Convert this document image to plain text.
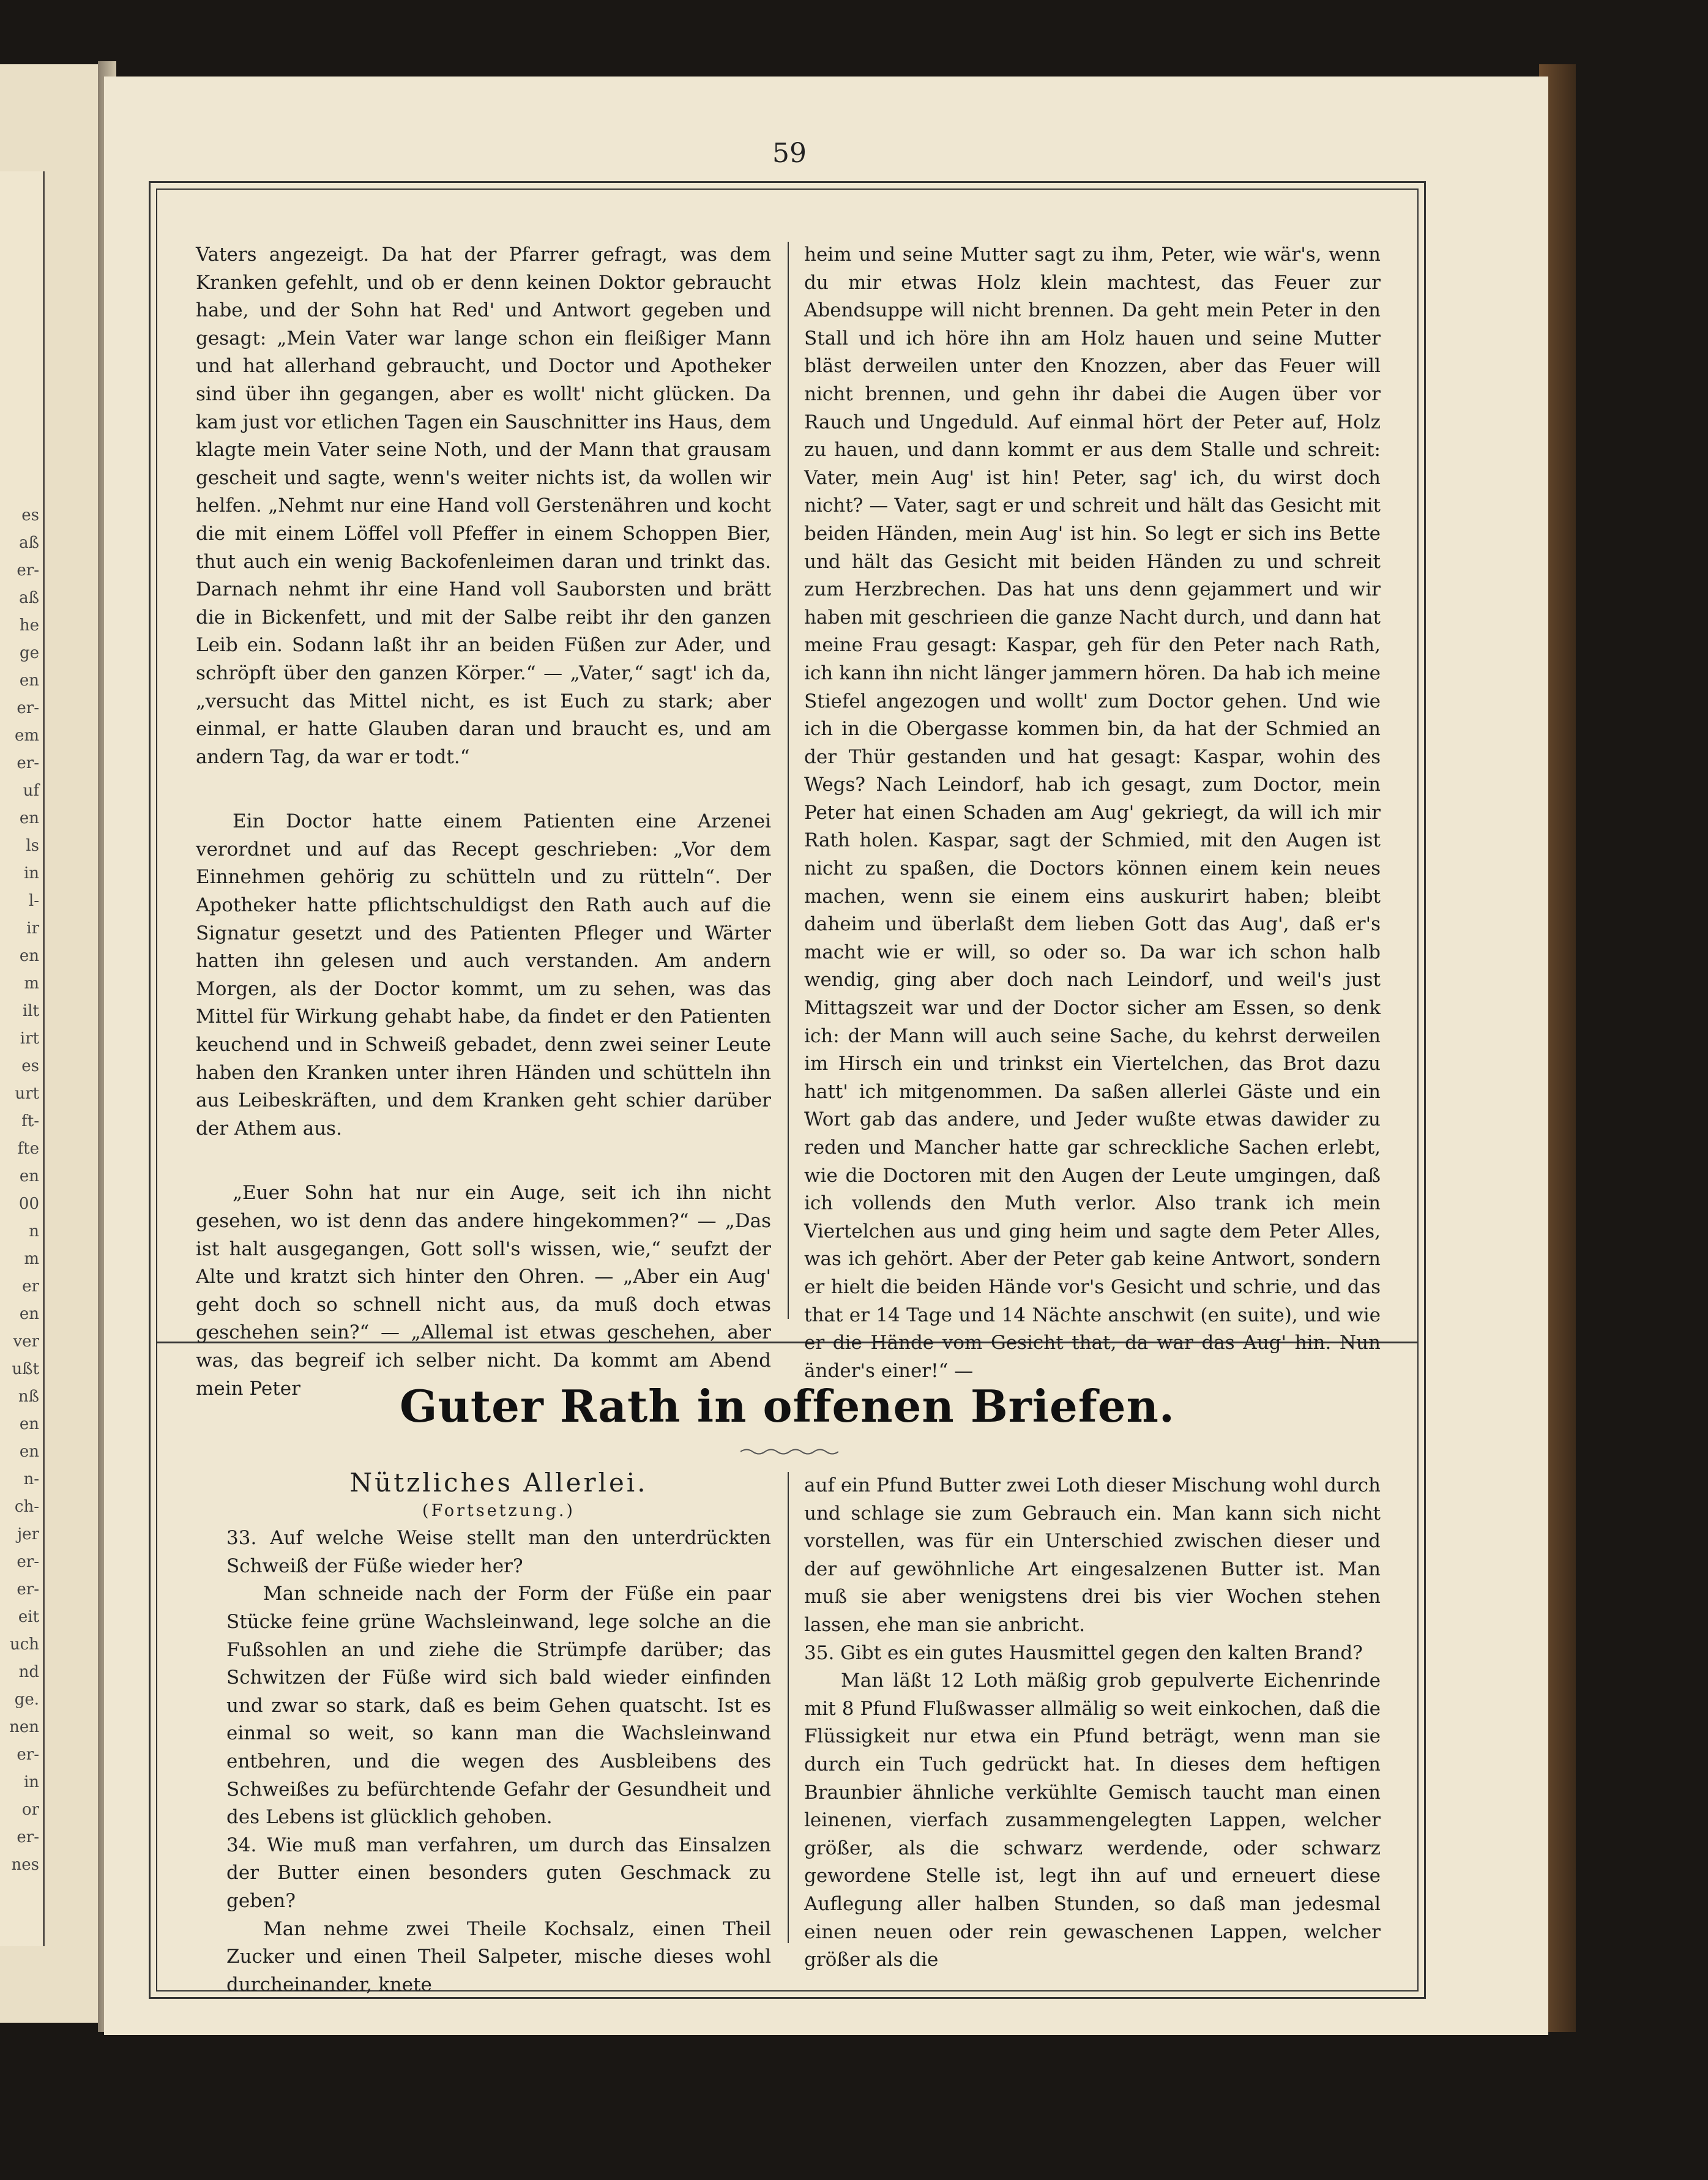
es
aß
er-
aß
he
ge
en
er-
em
er-
uf
en
ls
in
l-
ir
en
m
ilt
irt
es
urt
ft-
fte
en
00
n
m
er
en
ver
ußt
nß
en
en
n-
ch-
jer
er-
er-
eit
uch
nd
ge.
nen
er-
in
or
er-
nes
59

Vaters angezeigt. Da hat der Pfarrer gefragt, was dem Kranken gefehlt, und ob er denn keinen Doktor gebraucht habe, und der Sohn hat Red' und Antwort gegeben und gesagt: „Mein Vater war lange schon ein fleißiger Mann und hat allerhand gebraucht, und Doctor und Apotheker sind über ihn gegangen, aber es wollt' nicht glücken. Da kam just vor etlichen Tagen ein Sauschnitter ins Haus, dem klagte mein Vater seine Noth, und der Mann that grausam gescheit und sagte, wenn's weiter nichts ist, da wollen wir helfen. „Nehmt nur eine Hand voll Gerstenähren und kocht die mit einem Löffel voll Pfeffer in einem Schoppen Bier, thut auch ein wenig Backofenleimen daran und trinkt das. Darnach nehmt ihr eine Hand voll Sauborsten und brätt die in Bickenfett, und mit der Salbe reibt ihr den ganzen Leib ein. Sodann laßt ihr an beiden Füßen zur Ader, und schröpft über den ganzen Körper.“ — „Vater,“ sagt' ich da, „versucht das Mittel nicht, es ist Euch zu stark; aber einmal, er hatte Glauben daran und braucht es, und am andern Tag, da war er todt.“

Ein Doctor hatte einem Patienten eine Arzenei verordnet und auf das Recept geschrieben: „Vor dem Einnehmen gehörig zu schütteln und zu rütteln“. Der Apotheker hatte pflichtschuldigst den Rath auch auf die Signatur gesetzt und des Patienten Pfleger und Wärter hatten ihn gelesen und auch verstanden. Am andern Morgen, als der Doctor kommt, um zu sehen, was das Mittel für Wirkung gehabt habe, da findet er den Patienten keuchend und in Schweiß gebadet, denn zwei seiner Leute haben den Kranken unter ihren Händen und schütteln ihn aus Leibeskräften, und dem Kranken geht schier darüber der Athem aus.

„Euer Sohn hat nur ein Auge, seit ich ihn nicht gesehen, wo ist denn das andere hingekommen?“ — „Das ist halt ausgegangen, Gott soll's wissen, wie,“ seufzt der Alte und kratzt sich hinter den Ohren. — „Aber ein Aug' geht doch so schnell nicht aus, da muß doch etwas geschehen sein?“ — „Allemal ist etwas geschehen, aber was, das begreif ich selber nicht. Da kommt am Abend mein Peter

heim und seine Mutter sagt zu ihm, Peter, wie wär's, wenn du mir etwas Holz klein machtest, das Feuer zur Abendsuppe will nicht brennen. Da geht mein Peter in den Stall und ich höre ihn am Holz hauen und seine Mutter bläst derweilen unter den Knozzen, aber das Feuer will nicht brennen, und gehn ihr dabei die Augen über vor Rauch und Ungeduld. Auf einmal hört der Peter auf, Holz zu hauen, und dann kommt er aus dem Stalle und schreit: Vater, mein Aug' ist hin! Peter, sag' ich, du wirst doch nicht? — Vater, sagt er und schreit und hält das Gesicht mit beiden Händen, mein Aug' ist hin. So legt er sich ins Bette und hält das Gesicht mit beiden Händen zu und schreit zum Herzbrechen. Das hat uns denn gejammert und wir haben mit geschrieen die ganze Nacht durch, und dann hat meine Frau gesagt: Kaspar, geh für den Peter nach Rath, ich kann ihn nicht länger jammern hören. Da hab ich meine Stiefel angezogen und wollt' zum Doctor gehen. Und wie ich in die Obergasse kommen bin, da hat der Schmied an der Thür gestanden und hat gesagt: Kaspar, wohin des Wegs? Nach Leindorf, hab ich gesagt, zum Doctor, mein Peter hat einen Schaden am Aug' gekriegt, da will ich mir Rath holen. Kaspar, sagt der Schmied, mit den Augen ist nicht zu spaßen, die Doctors können einem kein neues machen, wenn sie einem eins auskurirt haben; bleibt daheim und überlaßt dem lieben Gott das Aug', daß er's macht wie er will, so oder so. Da war ich schon halb wendig, ging aber doch nach Leindorf, und weil's just Mittagszeit war und der Doctor sicher am Essen, so denk ich: der Mann will auch seine Sache, du kehrst derweilen im Hirsch ein und trinkst ein Viertelchen, das Brot dazu hatt' ich mitgenommen. Da saßen allerlei Gäste und ein Wort gab das andere, und Jeder wußte etwas dawider zu reden und Mancher hatte gar schreckliche Sachen erlebt, wie die Doctoren mit den Augen der Leute umgingen, daß ich vollends den Muth verlor. Also trank ich mein Viertelchen aus und ging heim und sagte dem Peter Alles, was ich gehört. Aber der Peter gab keine Antwort, sondern er hielt die beiden Hände vor's Gesicht und schrie, und das that er 14 Tage und 14 Nächte anschwit (en suite), und wie er die Hände vom Gesicht that, da war das Aug' hin. Nun änder's einer!“ —

Guter Rath in offenen Briefen.

Nützliches Allerlei.

(Fortsetzung.)

33. Auf welche Weise stellt man den unterdrückten Schweiß der Füße wieder her?

Man schneide nach der Form der Füße ein paar Stücke feine grüne Wachsleinwand, lege solche an die Fußsohlen an und ziehe die Strümpfe darüber; das Schwitzen der Füße wird sich bald wieder einfinden und zwar so stark, daß es beim Gehen quatscht. Ist es einmal so weit, so kann man die Wachsleinwand entbehren, und die wegen des Ausbleibens des Schweißes zu befürchtende Gefahr der Gesundheit und des Lebens ist glücklich gehoben.

34. Wie muß man verfahren, um durch das Einsalzen der Butter einen besonders guten Geschmack zu geben?

Man nehme zwei Theile Kochsalz, einen Theil Zucker und einen Theil Salpeter, mische dieses wohl durcheinander, knete

auf ein Pfund Butter zwei Loth dieser Mischung wohl durch und schlage sie zum Gebrauch ein. Man kann sich nicht vorstellen, was für ein Unterschied zwischen dieser und der auf gewöhnliche Art eingesalzenen Butter ist. Man muß sie aber wenigstens drei bis vier Wochen stehen lassen, ehe man sie anbricht.

35. Gibt es ein gutes Hausmittel gegen den kalten Brand?

Man läßt 12 Loth mäßig grob gepulverte Eichenrinde mit 8 Pfund Flußwasser allmälig so weit einkochen, daß die Flüssigkeit nur etwa ein Pfund beträgt, wenn man sie durch ein Tuch gedrückt hat. In dieses dem heftigen Braunbier ähnliche verkühlte Gemisch taucht man einen leinenen, vierfach zusammengelegten Lappen, welcher größer, als die schwarz werdende, oder schwarz gewordene Stelle ist, legt ihn auf und erneuert diese Auflegung aller halben Stunden, so daß man jedesmal einen neuen oder rein gewaschenen Lappen, welcher größer als die
